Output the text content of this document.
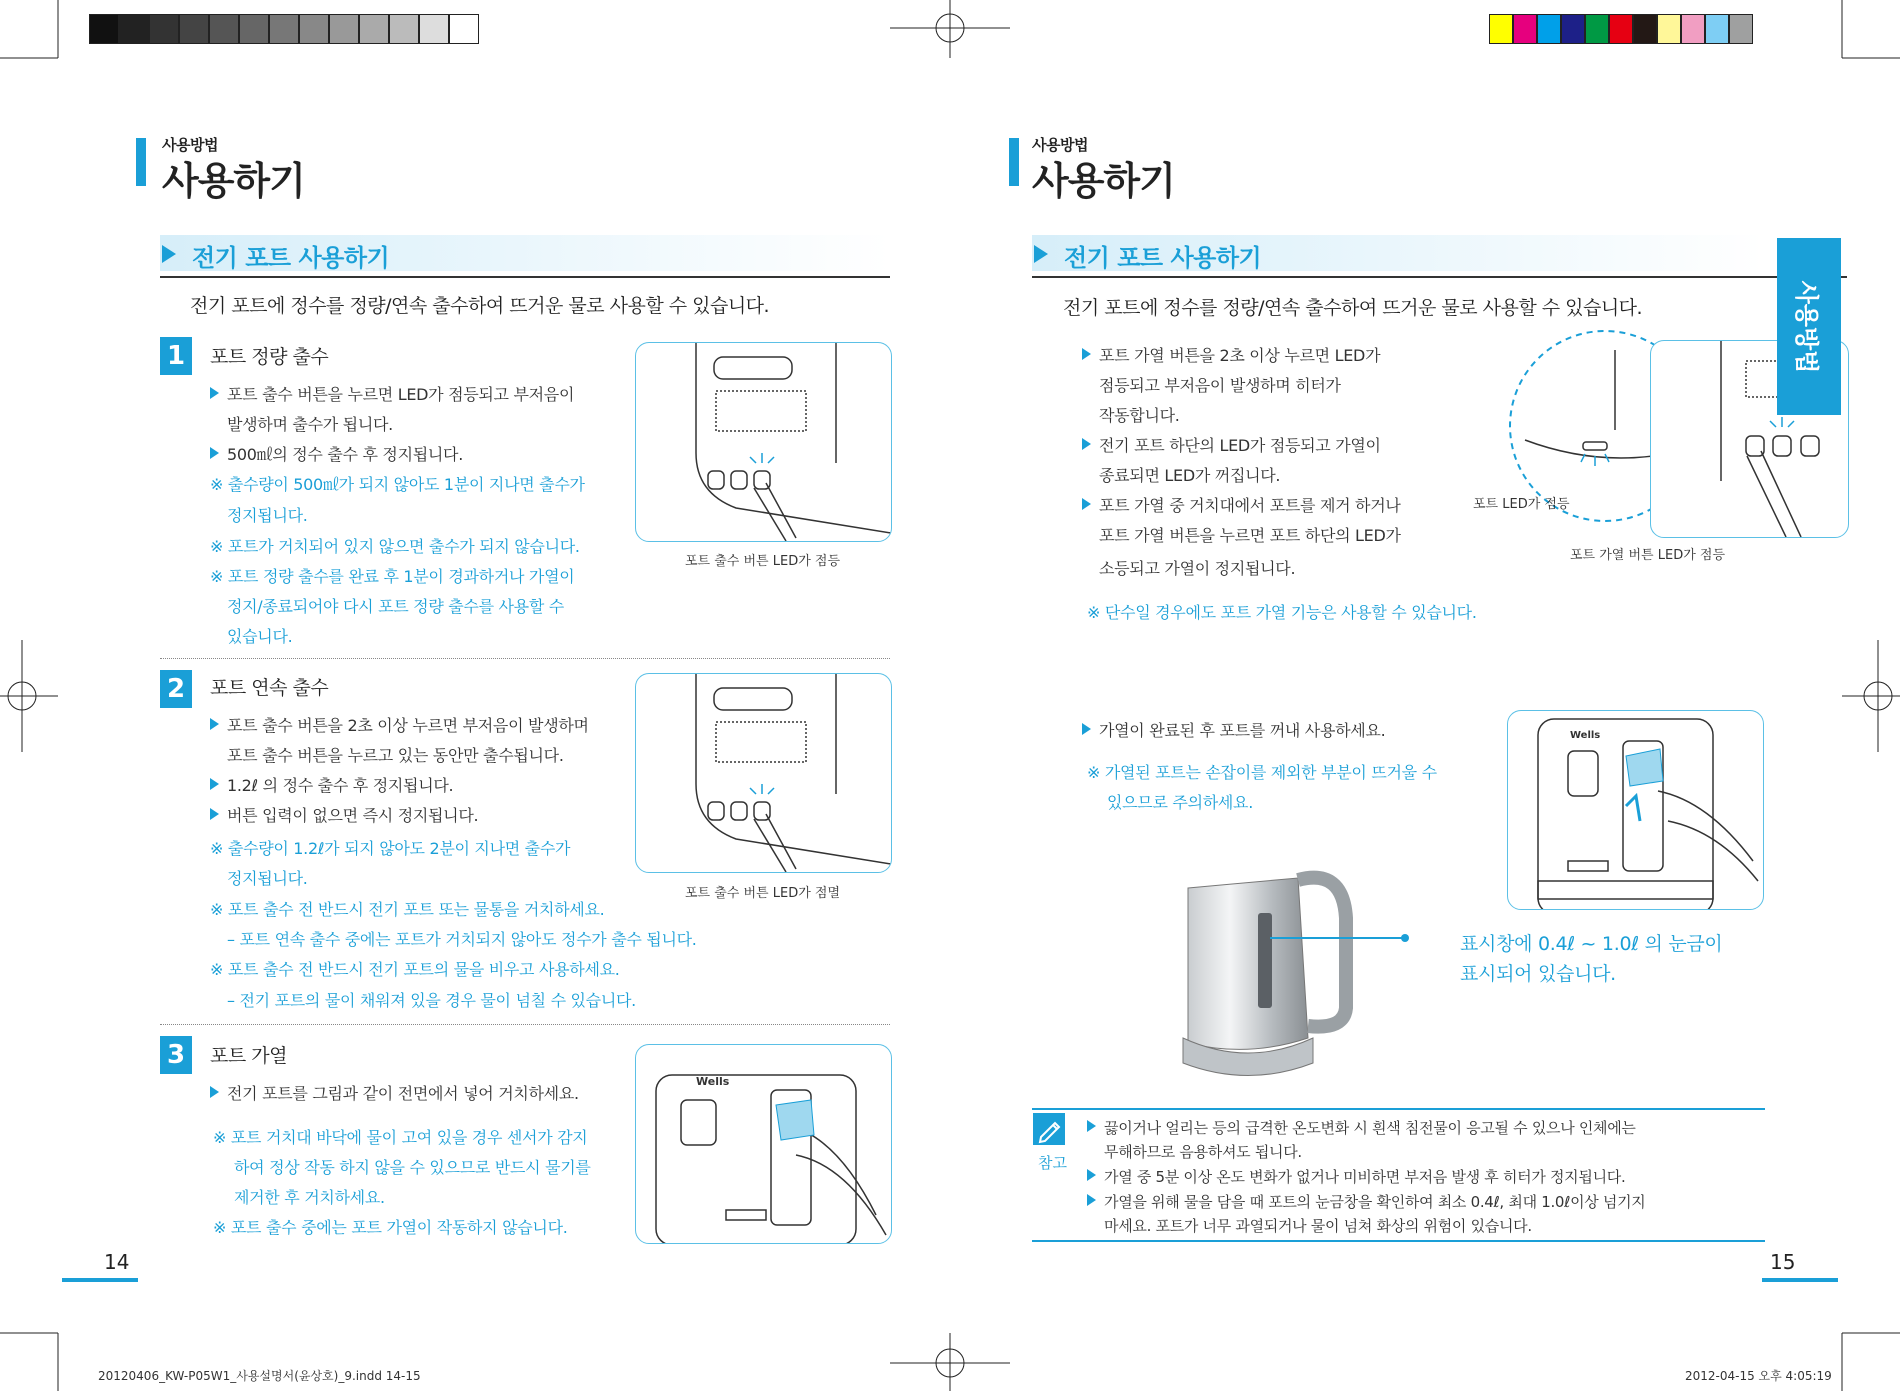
사용방법
사용하기
전기 포트 사용하기
전기 포트에 정수를 정량/연속 출수하여 뜨거운 물로 사용할 수 있습니다.
1	포트 정량 출수
포트 출수 버튼을 누르면 LED가 점등되고 부저음이
발생하며 출수가 됩니다.
500㎖의 정수 출수 후 정지됩니다.
※ 출수량이 500㎖가 되지 않아도 1분이 지나면 출수가
정지됩니다.
※ 포트가 거치되어 있지 않으면 출수가 되지 않습니다.
※ 포트 정량 출수를 완료 후 1분이 경과하거나 가열이
정지/종료되어야 다시 포트 정량 출수를 사용할 수
있습니다.
포트 출수 버튼 LED가 점등
2	포트 연속 출수
포트 출수 버튼을 2초 이상 누르면 부저음이 발생하며
포트 출수 버튼을 누르고 있는 동안만 출수됩니다.
1.2ℓ 의 정수 출수 후 정지됩니다.
버튼 입력이 없으면 즉시 정지됩니다.
※ 출수량이 1.2ℓ가 되지 않아도 2분이 지나면 출수가
정지됩니다.
※ 포트 출수 전 반드시 전기 포트 또는 물통을 거치하세요.
– 포트 연속 출수 중에는 포트가 거치되지 않아도 정수가 출수 됩니다.
※ 포트 출수 전 반드시 전기 포트의 물을 비우고 사용하세요.
– 전기 포트의 물이 채워져 있을 경우 물이 넘칠 수 있습니다.
포트 출수 버튼 LED가 점멸
3	포트 가열
전기 포트를 그림과 같이 전면에서 넣어 거치하세요.
※ 포트 거치대 바닥에 물이 고여 있을 경우 센서가 감지
하여 정상 작동 하지 않을 수 있으므로 반드시 물기를
제거한 후 거치하세요.
※ 포트 출수 중에는 포트 가열이 작동하지 않습니다.
Wells
14
사용방법
사용하기
전기 포트 사용하기
전기 포트에 정수를 정량/연속 출수하여 뜨거운 물로 사용할 수 있습니다.
포트 가열 버튼을 2초 이상 누르면 LED가
점등되고 부저음이 발생하며 히터가
작동합니다.
전기 포트 하단의 LED가 점등되고 가열이
종료되면 LED가 꺼집니다.
포트 가열 중 거치대에서 포트를 제거 하거나
포트 가열 버튼을 누르면 포트 하단의 LED가
소등되고 가열이 정지됩니다.
※ 단수일 경우에도 포트 가열 기능은 사용할 수 있습니다.
포트 LED가 점등
포트 가열 버튼 LED가 점등
가열이 완료된 후 포트를 꺼내 사용하세요.
※ 가열된 포트는 손잡이를 제외한 부분이 뜨거울 수
있으므로 주의하세요.
Wells
표시창에 0.4ℓ ~ 1.0ℓ 의 눈금이
표시되어 있습니다.
참고
끓이거나 얼리는 등의 급격한 온도변화 시 흰색 침전물이 응고될 수 있으나 인체에는
무해하므로 음용하셔도 됩니다.
가열 중 5분 이상 온도 변화가 없거나 미비하면 부저음 발생 후 히터가 정지됩니다.
가열을 위해 물을 담을 때 포트의 눈금창을 확인하여 최소 0.4ℓ, 최대 1.0ℓ이상 넘기지
마세요. 포트가 너무 과열되거나 물이 넘쳐 화상의 위험이 있습니다.
15
사용방법
20120406_KW-P05W1_사용설명서(윤상호)_9.indd 14-15	2012-04-15 오후 4:05:19
